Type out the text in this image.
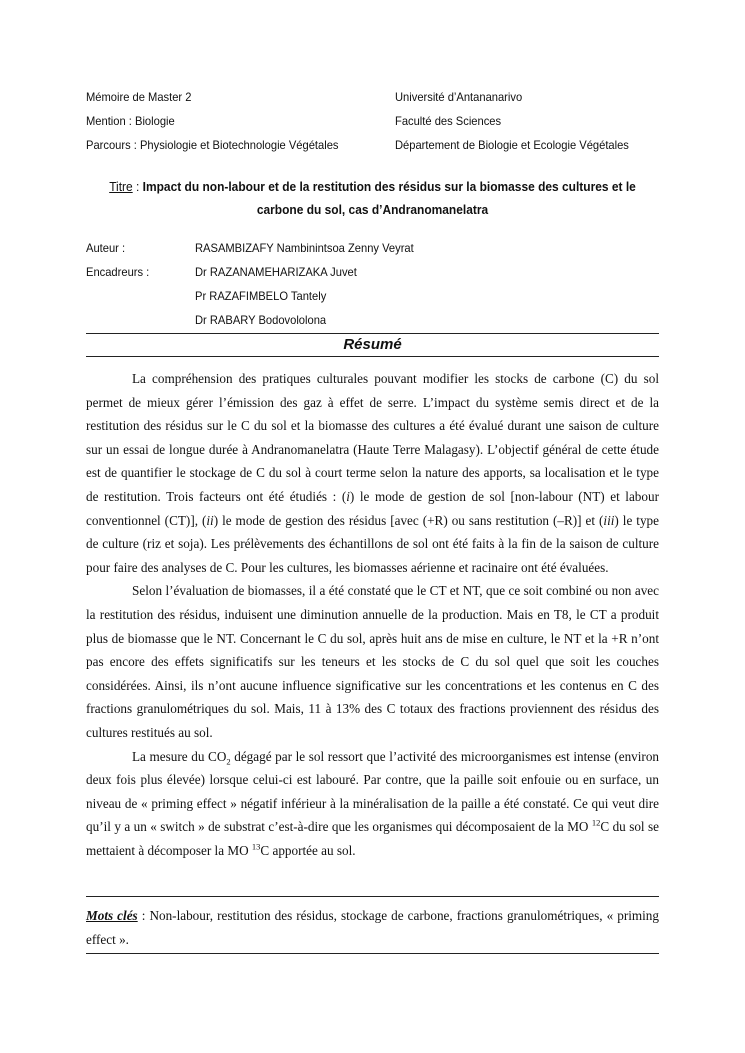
Mémoire de Master 2
Mention : Biologie
Parcours : Physiologie et Biotechnologie Végétales
Université d’Antananarivo
Faculté des Sciences
Département de Biologie et Ecologie Végétales
Titre : Impact du non-labour et de la restitution des résidus sur la biomasse des cultures et le carbone du sol, cas d’Andranomanelatra
Auteur :	RASAMBIZAFY Nambinintsoa Zenny Veyrat
Encadreurs :	Dr RAZANAMEHARIZAKA Juvet
Pr RAZAFIMBELO Tantely
Dr RABARY Bodovololona
Résumé

La compréhension des pratiques culturales pouvant modifier les stocks de carbone (C) du sol permet de mieux gérer l’émission des gaz à effet de serre. L’impact du système semis direct et de la restitution des résidus sur le C du sol et la biomasse des cultures a été évalué durant une saison de culture sur un essai de longue durée à Andranomanelatra (Haute Terre Malagasy). L’objectif général de cette étude est de quantifier le stockage de C du sol à court terme selon la nature des apports, sa localisation et le type de restitution. Trois facteurs ont été étudiés : (i) le mode de gestion de sol [non-labour (NT) et labour conventionnel (CT)], (ii) le mode de gestion des résidus [avec (+R) ou sans restitution (–R)] et (iii) le type de culture (riz et soja). Les prélèvements des échantillons de sol ont été faits à la fin de la saison de culture pour faire des analyses de C. Pour les cultures, les biomasses aérienne et racinaire ont été évaluées.

Selon l’évaluation de biomasses, il a été constaté que le CT et NT, que ce soit combiné ou non avec la restitution des résidus, induisent une diminution annuelle de la production. Mais en T8, le CT a produit plus de biomasse que le NT. Concernant le C du sol, après huit ans de mise en culture, le NT et la +R n’ont pas encore des effets significatifs sur les teneurs et les stocks de C du sol quel que soit les couches considérées. Ainsi, ils n’ont aucune influence significative sur les concentrations et les contenus en C des fractions granulométriques du sol. Mais, 11 à 13% des C totaux des fractions proviennent des résidus des cultures restitués au sol.

La mesure du $CO_2$ dégagé par le sol ressort que l’activité des microorganismes est intense (environ deux fois plus élevée) lorsque celui-ci est labouré. Par contre, que la paille soit enfouie ou en surface, un niveau de « priming effect » négatif inférieur à la minéralisation de la paille a été constaté. Ce qui veut dire qu’il y a un « switch » de substrat c’est-à-dire que les organismes qui décomposaient de la MO $^{12}$C du sol se mettaient à décomposer la MO $^{13}$C apportée au sol.

Mots clés : Non-labour, restitution des résidus, stockage de carbone, fractions granulométriques, « priming effect ».
